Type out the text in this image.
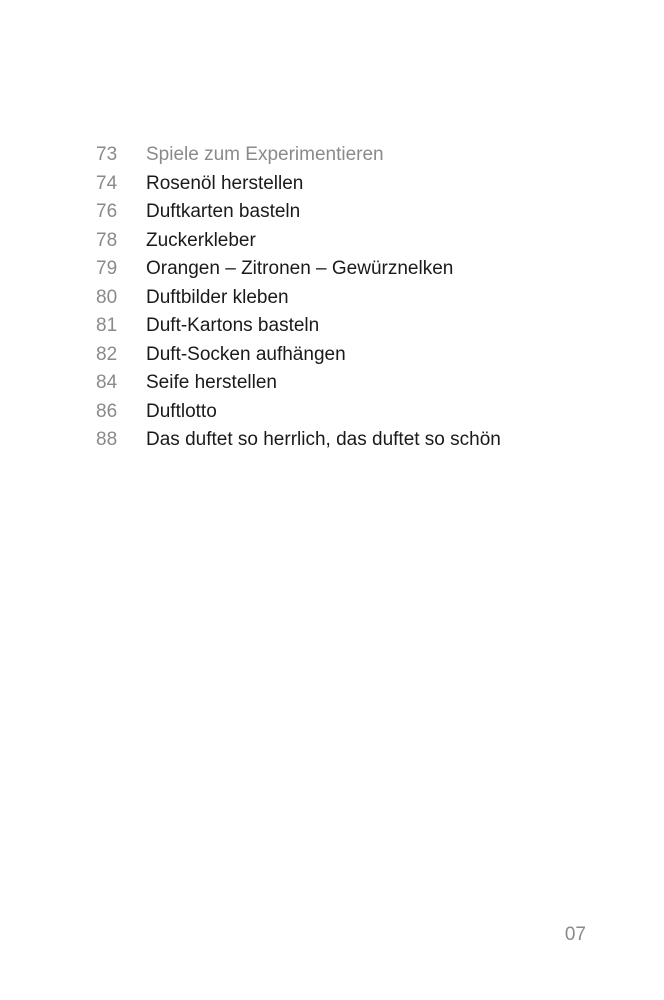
73	Spiele zum Experimentieren
74	Rosenöl herstellen
76	Duftkarten basteln
78	Zuckerkleber
79	Orangen – Zitronen – Gewürznelken
80	Duftbilder kleben
81	Duft-Kartons basteln
82	Duft-Socken aufhängen
84	Seife herstellen
86	Duftlotto
88	Das duftet so herrlich, das duftet so schön
07
